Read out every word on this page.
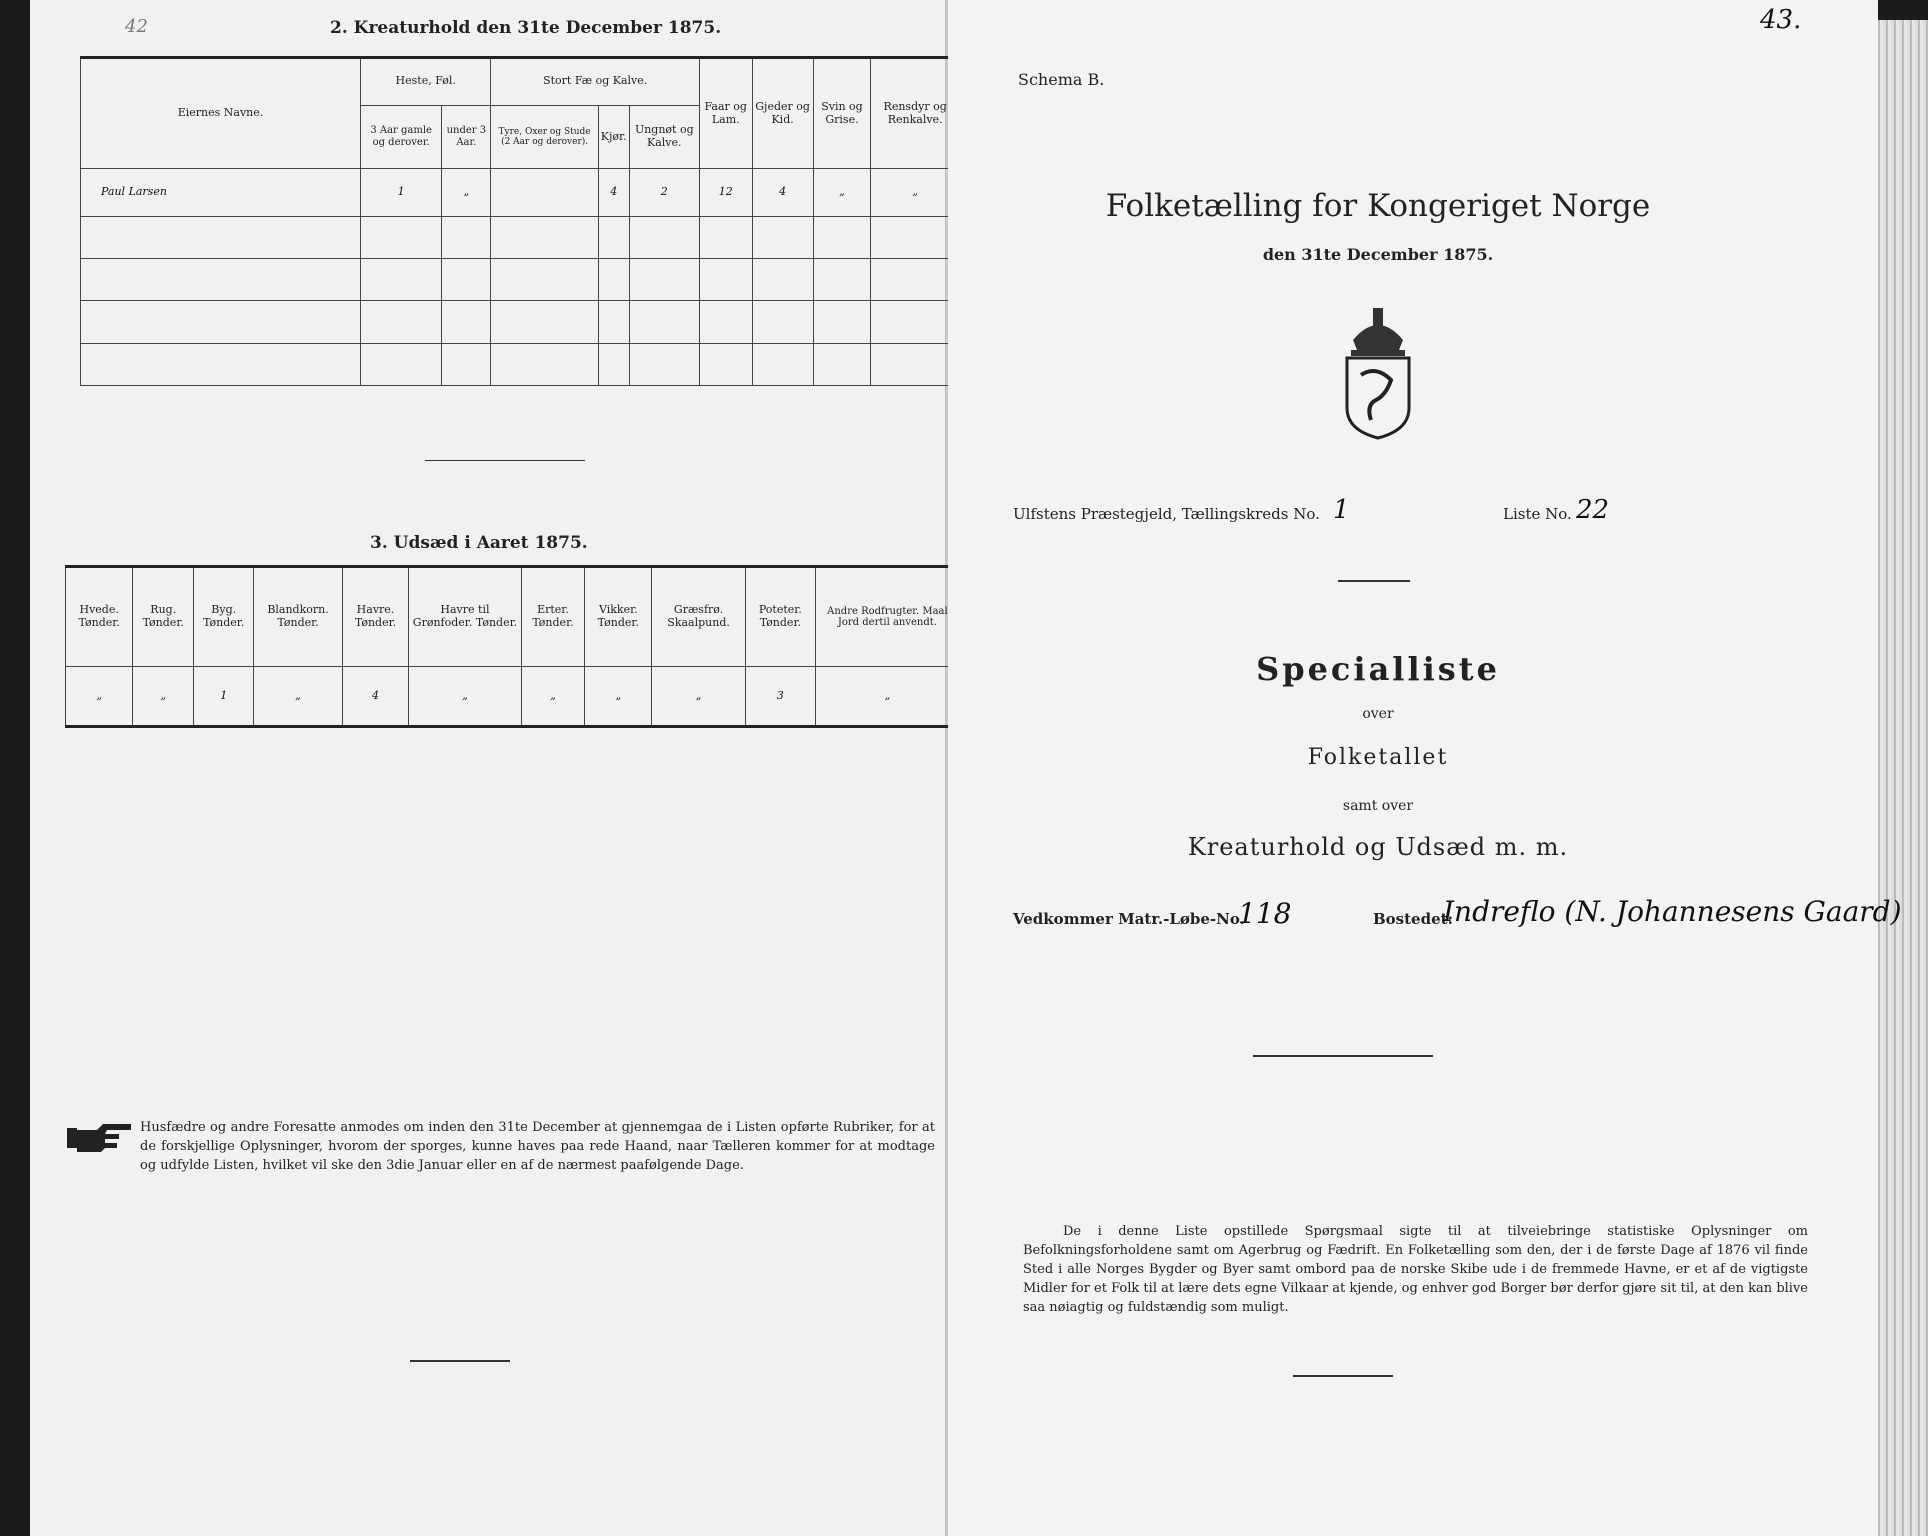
42	2. Kreaturhold den 31te December 1875.
Eiernes Navne.	Heste, Føl.		Stort Fæ og Kalve.			Faar og Lam.	Gjeder og Kid.	Svin og Grise.	Rensdyr og Renkalve.
	3 Aar gamle og derover.	under 3 Aar.	Tyre, Oxer og Stude (2 Aar og derover).	Kjør.	Ungnøt og Kalve.				
Paul Larsen	1	„		4	2	12	4	„	„

3. Udsæd i Aaret 1875.
Hvede. Tønder.	Rug. Tønder.	Byg. Tønder.	Blandkorn. Tønder.	Havre. Tønder.	Havre til Grønfoder. Tønder.	Erter. Tønder.	Vikker. Tønder.	Græsfrø. Skaalpund.	Poteter. Tønder.	Andre Rodfrugter. Maal Jord dertil anvendt.
„	„	1	„	4	„	„	„	„	3	„
Husfædre og andre Foresatte anmodes om inden den 31te December at gjennemgaa de i Listen opførte Rubriker, for at de forskjellige Oplysninger, hvorom der sporges, kunne haves paa rede Haand, naar Tælleren kommer for at modtage og udfylde Listen, hvilket vil ske den 3die Januar eller en af de nærmest paafølgende Dage.
43.
Schema B.
Folketælling for Kongeriget Norge
den 31te December 1875.
Ulfstens Præstegjeld, Tællingskreds No. 1	Liste No. 22
Specialliste
over
Folketallet
samt over
Kreaturhold og Udsæd m. m.
Vedkommer Matr.-Løbe-No.
118	Bostedet:
Indreflo (N. Johannesens Gaard)
De i denne Liste opstillede Spørgsmaal sigte til at tilveiebringe statistiske Oplysninger om Befolkningsforholdene samt om Agerbrug og Fædrift. En Folketælling som den, der i de første Dage af 1876 vil finde Sted i alle Norges Bygder og Byer samt ombord paa de norske Skibe ude i de fremmede Havne, er et af de vigtigste Midler for et Folk til at lære dets egne Vilkaar at kjende, og enhver god Borger bør derfor gjøre sit til, at den kan blive saa nøiagtig og fuldstændig som muligt.
